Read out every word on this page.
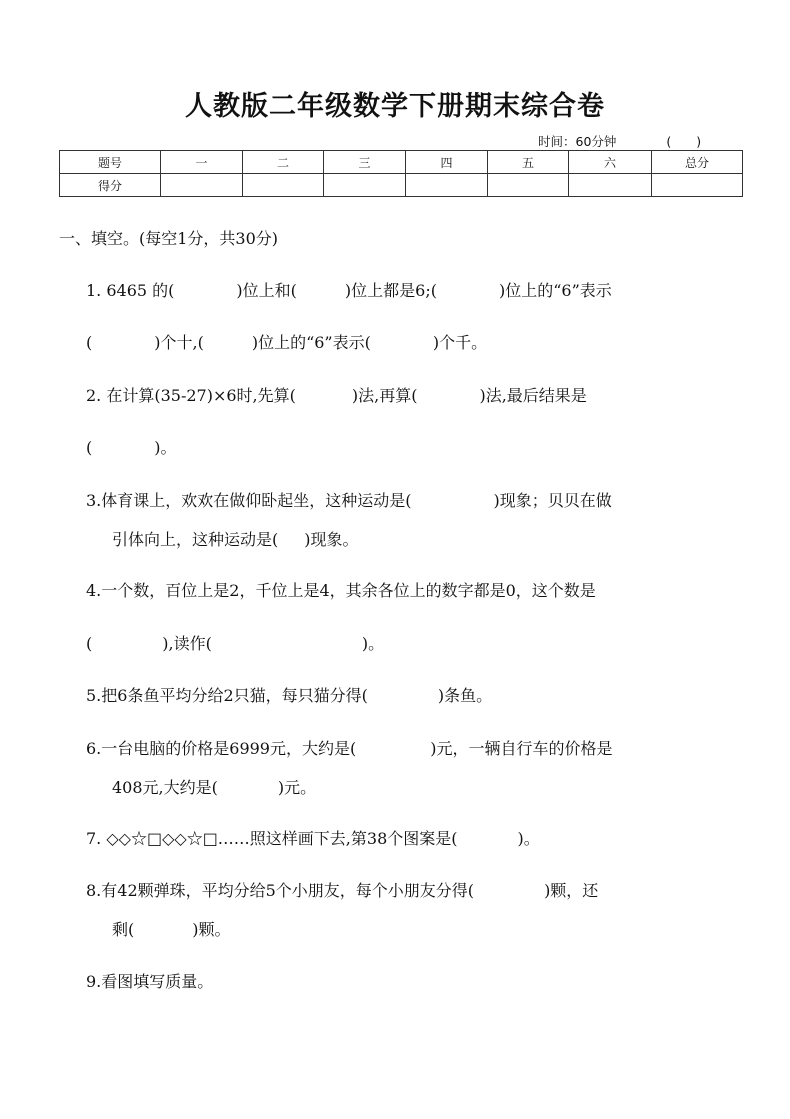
人教版二年级数学下册期末综合卷
时间：60分钟	(　　)
题号	一	二	三	四	五	六	总分
得分							
一、填空。(每空1分，共30分)
1. 6465 的(	)位上和(	)位上都是6;(	)位上的“6”表示
(	)个十,(	)位上的“6”表示(	)个千。
2. 在计算(35-27)×6时,先算(	)法,再算(	)法,最后结果是
(	)。
3.体育课上，欢欢在做仰卧起坐，这种运动是(	)现象；贝贝在做
引体向上，这种运动是( )现象。
4.一个数，百位上是2，千位上是4，其余各位上的数字都是0，这个数是
(	),读作(	)。
5.把6条鱼平均分给2只猫，每只猫分得(	)条鱼。
6.一台电脑的价格是6999元，大约是(	)元，一辆自行车的价格是
408元,大约是(	)元。
7. ◇◇☆□◇◇☆□……照这样画下去,第38个图案是(	)。
8.有42颗弹珠，平均分给5个小朋友，每个小朋友分得(	)颗，还
剩(	)颗。
9.看图填写质量。
